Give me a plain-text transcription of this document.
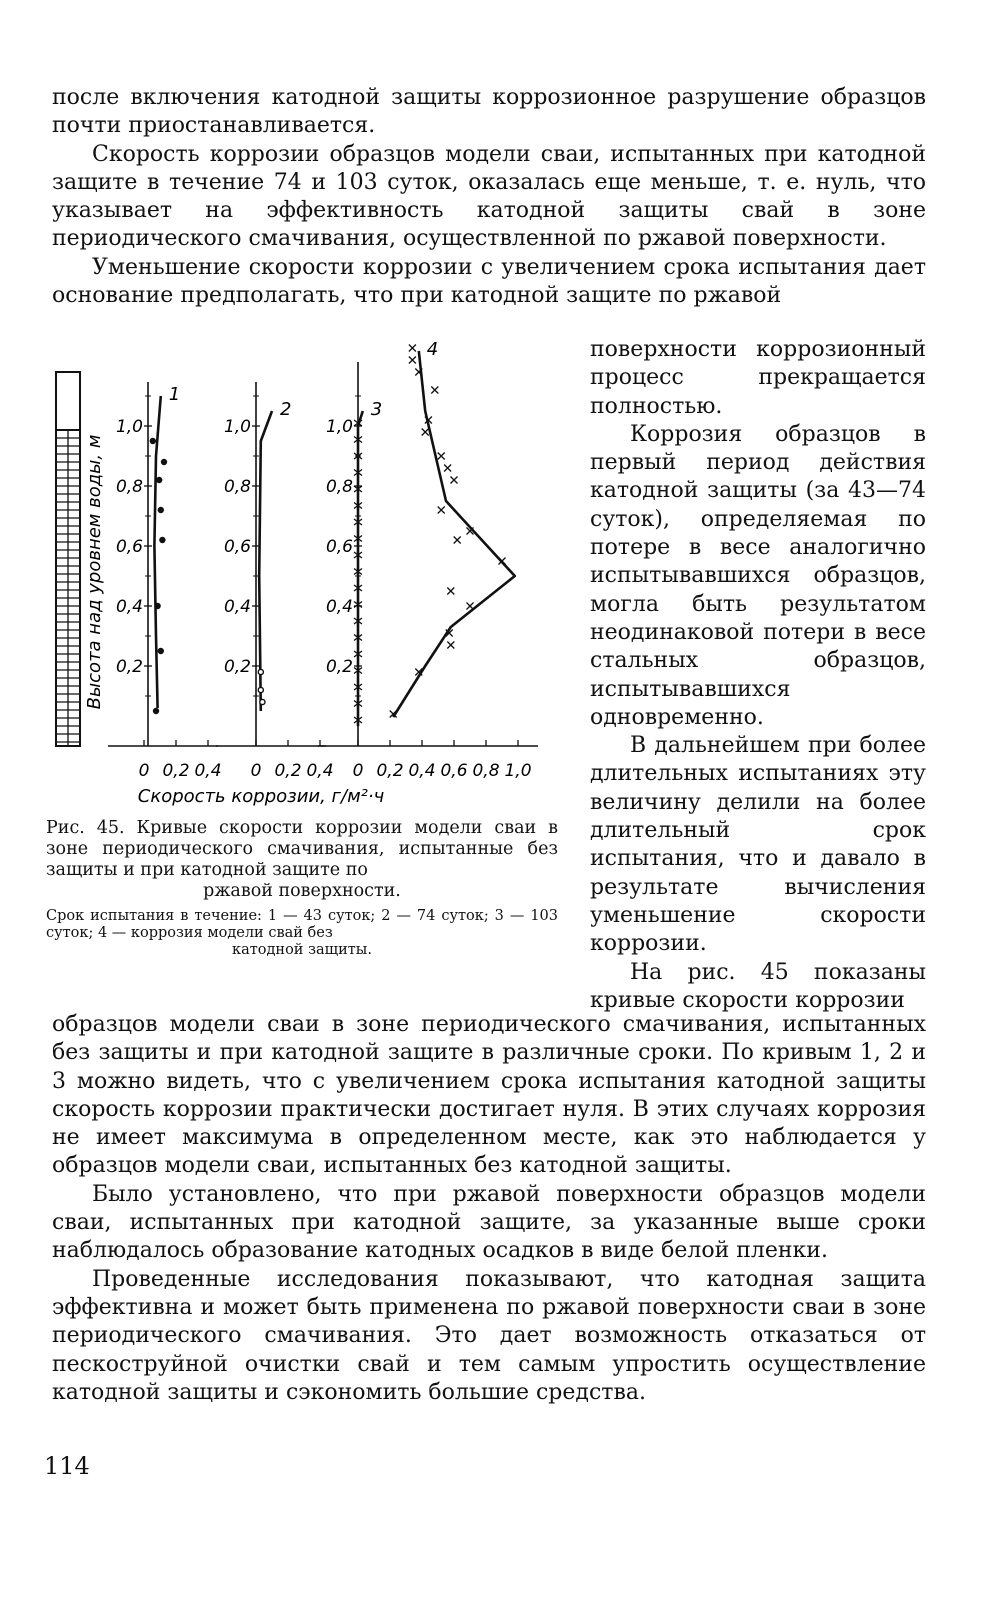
после включения катодной защиты коррозионное разрушение образцов почти приостанавливается.

Скорость коррозии образцов модели сваи, испытанных при катодной защите в течение 74 и 103 суток, оказалась еще меньше, т. е. нуль, что указывает на эффективность катодной защиты свай в зоне периодического смачивания, осуществленной по ржавой поверхности.

Уменьшение скорости коррозии с увеличением срока испытания дает основание предполагать, что при катодной защите по ржавой

поверхности коррозионный процесс прекращается полностью.

Коррозия образцов в первый период действия катодной защиты (за 43—74 суток), определяемая по потере в весе аналогично испытывавшихся образцов, могла быть результатом неодинаковой потери в весе стальных образцов, испытывавшихся одновременно.

В дальнейшем при более длительных испытаниях эту величину делили на более длительный срок испытания, что и давало в результате вычисления уменьшение скорости коррозии.

На рис. 45 показаны кривые скорости коррозии

Высота над уровнем воды, м 0,2
0,4
0,6
0,8
1,0
0 0,2 0,4
1
0,2
0,4
0,6
0,8
1,0
0 0,2 0,4
2
0,2
0,4
0,6
0,8
1,0
0 0,2 0,4 0,6 0,8 1,0
3
4
Скорость коррозии, г/м²·ч
Рис. 45. Кривые скорости коррозии модели сваи в зоне периодического смачивания, испытанные без защиты и при катодной защите по
ржавой поверхности.
Срок испытания в течение: 1 — 43 суток; 2 — 74 суток; 3 — 103 суток; 4 — коррозия модели свай без
катодной защиты.

образцов модели сваи в зоне периодического смачивания, испытанных без защиты и при катодной защите в различные сроки. По кривым 1, 2 и 3 можно видеть, что с увеличением срока испытания катодной защиты скорость коррозии практически достигает нуля. В этих случаях коррозия не имеет максимума в определенном месте, как это наблюдается у образцов модели сваи, испытанных без катодной защиты.

Было установлено, что при ржавой поверхности образцов модели сваи, испытанных при катодной защите, за указанные выше сроки наблюдалось образование катодных осадков в виде белой пленки.

Проведенные исследования показывают, что катодная защита эффективна и может быть применена по ржавой поверхности сваи в зоне периодического смачивания. Это дает возможность отказаться от пескоструйной очистки свай и тем самым упростить осуществление катодной защиты и сэкономить большие средства.

114
